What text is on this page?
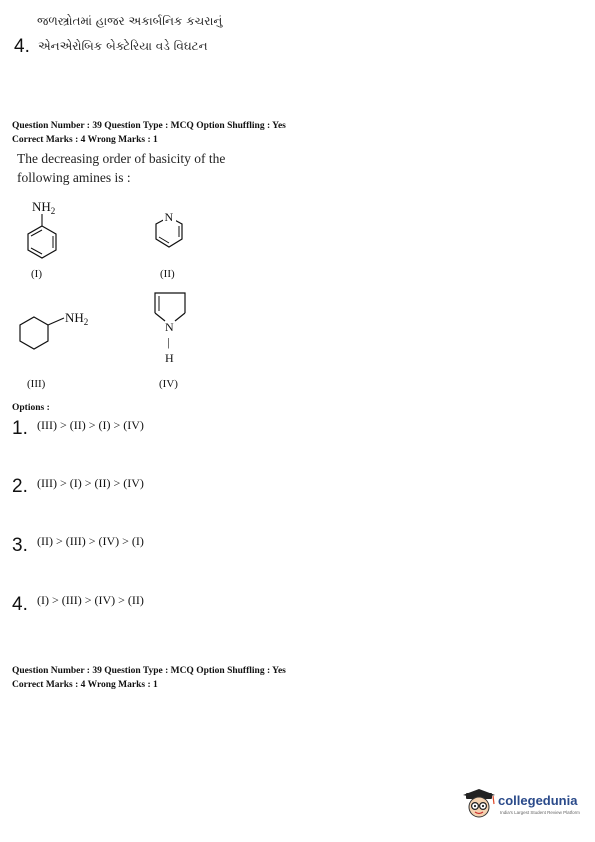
જળસ્ત્રોતમાં હાજર અકાર્બનિક કચરાનું
4. એનએરોબિક બેક્ટેરિયા વડે વિઘટન
Question Number : 39 Question Type : MCQ Option Shuffling : Yes
Correct Marks : 4 Wrong Marks : 1
The decreasing order of basicity of the
following amines is :
$NH_2$
(I)
N
(II)
$NH_2$
(III)
N
|
H
(IV)
Options :
1. (III) > (II) > (I) > (IV)
2. (III) > (I) > (II) > (IV)
3. (II) > (III) > (IV) > (I)
4. (I) > (III) > (IV) > (II)
Question Number : 39 Question Type : MCQ Option Shuffling : Yes
Correct Marks : 4 Wrong Marks : 1
collegedunia
India's Largest Student Review Platform
